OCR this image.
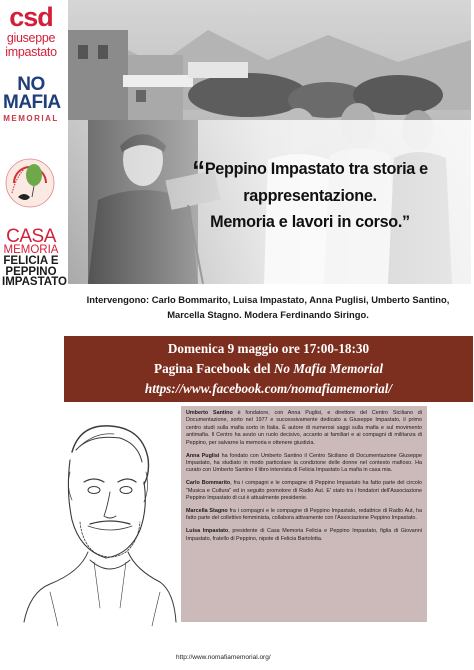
csd
giuseppe
impastato
NO
MAFIA
MEMORIAL
CASA
MEMORIA
FELICIA E
PEPPINO
IMPASTATO
“Peppino Impastato tra storia e
rappresentazione.
Memoria e lavori in corso.”
Intervengono: Carlo Bommarito, Luisa Impastato, Anna Puglisi, Umberto Santino,
Marcella Stagno. Modera Ferdinando Siringo.
Domenica 9 maggio ore 17:00-18:30
Pagina Facebook del No Mafia Memorial
https://www.facebook.com/nomafiamemorial/

Umberto Santino è fondatore, con Anna Puglisi, e direttore del Centro Siciliano di Documentazione, sorto nel 1977 e successivamente dedicato a Giuseppe Impastato, il primo centro studi sulla mafia sorto in Italia. È autore di numerosi saggi sulla mafia e sul movimento antimafia. Il Centro ha avuto un ruolo decisivo, accanto ai familiari e ai compagni di militanza di Peppino, per salvarne la memoria e ottenere giustizia.

Anna Puglisi ha fondato con Umberto Santino il Centro Siciliano di Documentazione Giuseppe Impastato, ha studiato in modo particolare la condizione delle donne nel contesto mafioso. Ha curato con Umberto Santino il libro intervista di Felicia Impastato La mafia in casa mia.

Carlo Bommarito, fra i compagni e le compagne di Peppino Impastato ha fatto parte del circolo "Musica e Cultura" ed in seguito promotore di Radio Aut. E' stato tra i fondatori dell'Associazione Peppino Impastato di cui è attualmente presidente.

Marcella Stagno fra i compagni e le compagne di Peppino Impastato, redattrice di Radio Aut, ha fatto parte del collettivo femminista, collabora attivamente con l'Associazione Peppino Impastato.

Luisa Impastato, presidente di Casa Memoria Felicia e Peppino Impastato, figlia di Giovanni Impastato, fratello di Peppino, nipote di Felicia Bartolotta.

http://www.nomafiamemorial.org/
